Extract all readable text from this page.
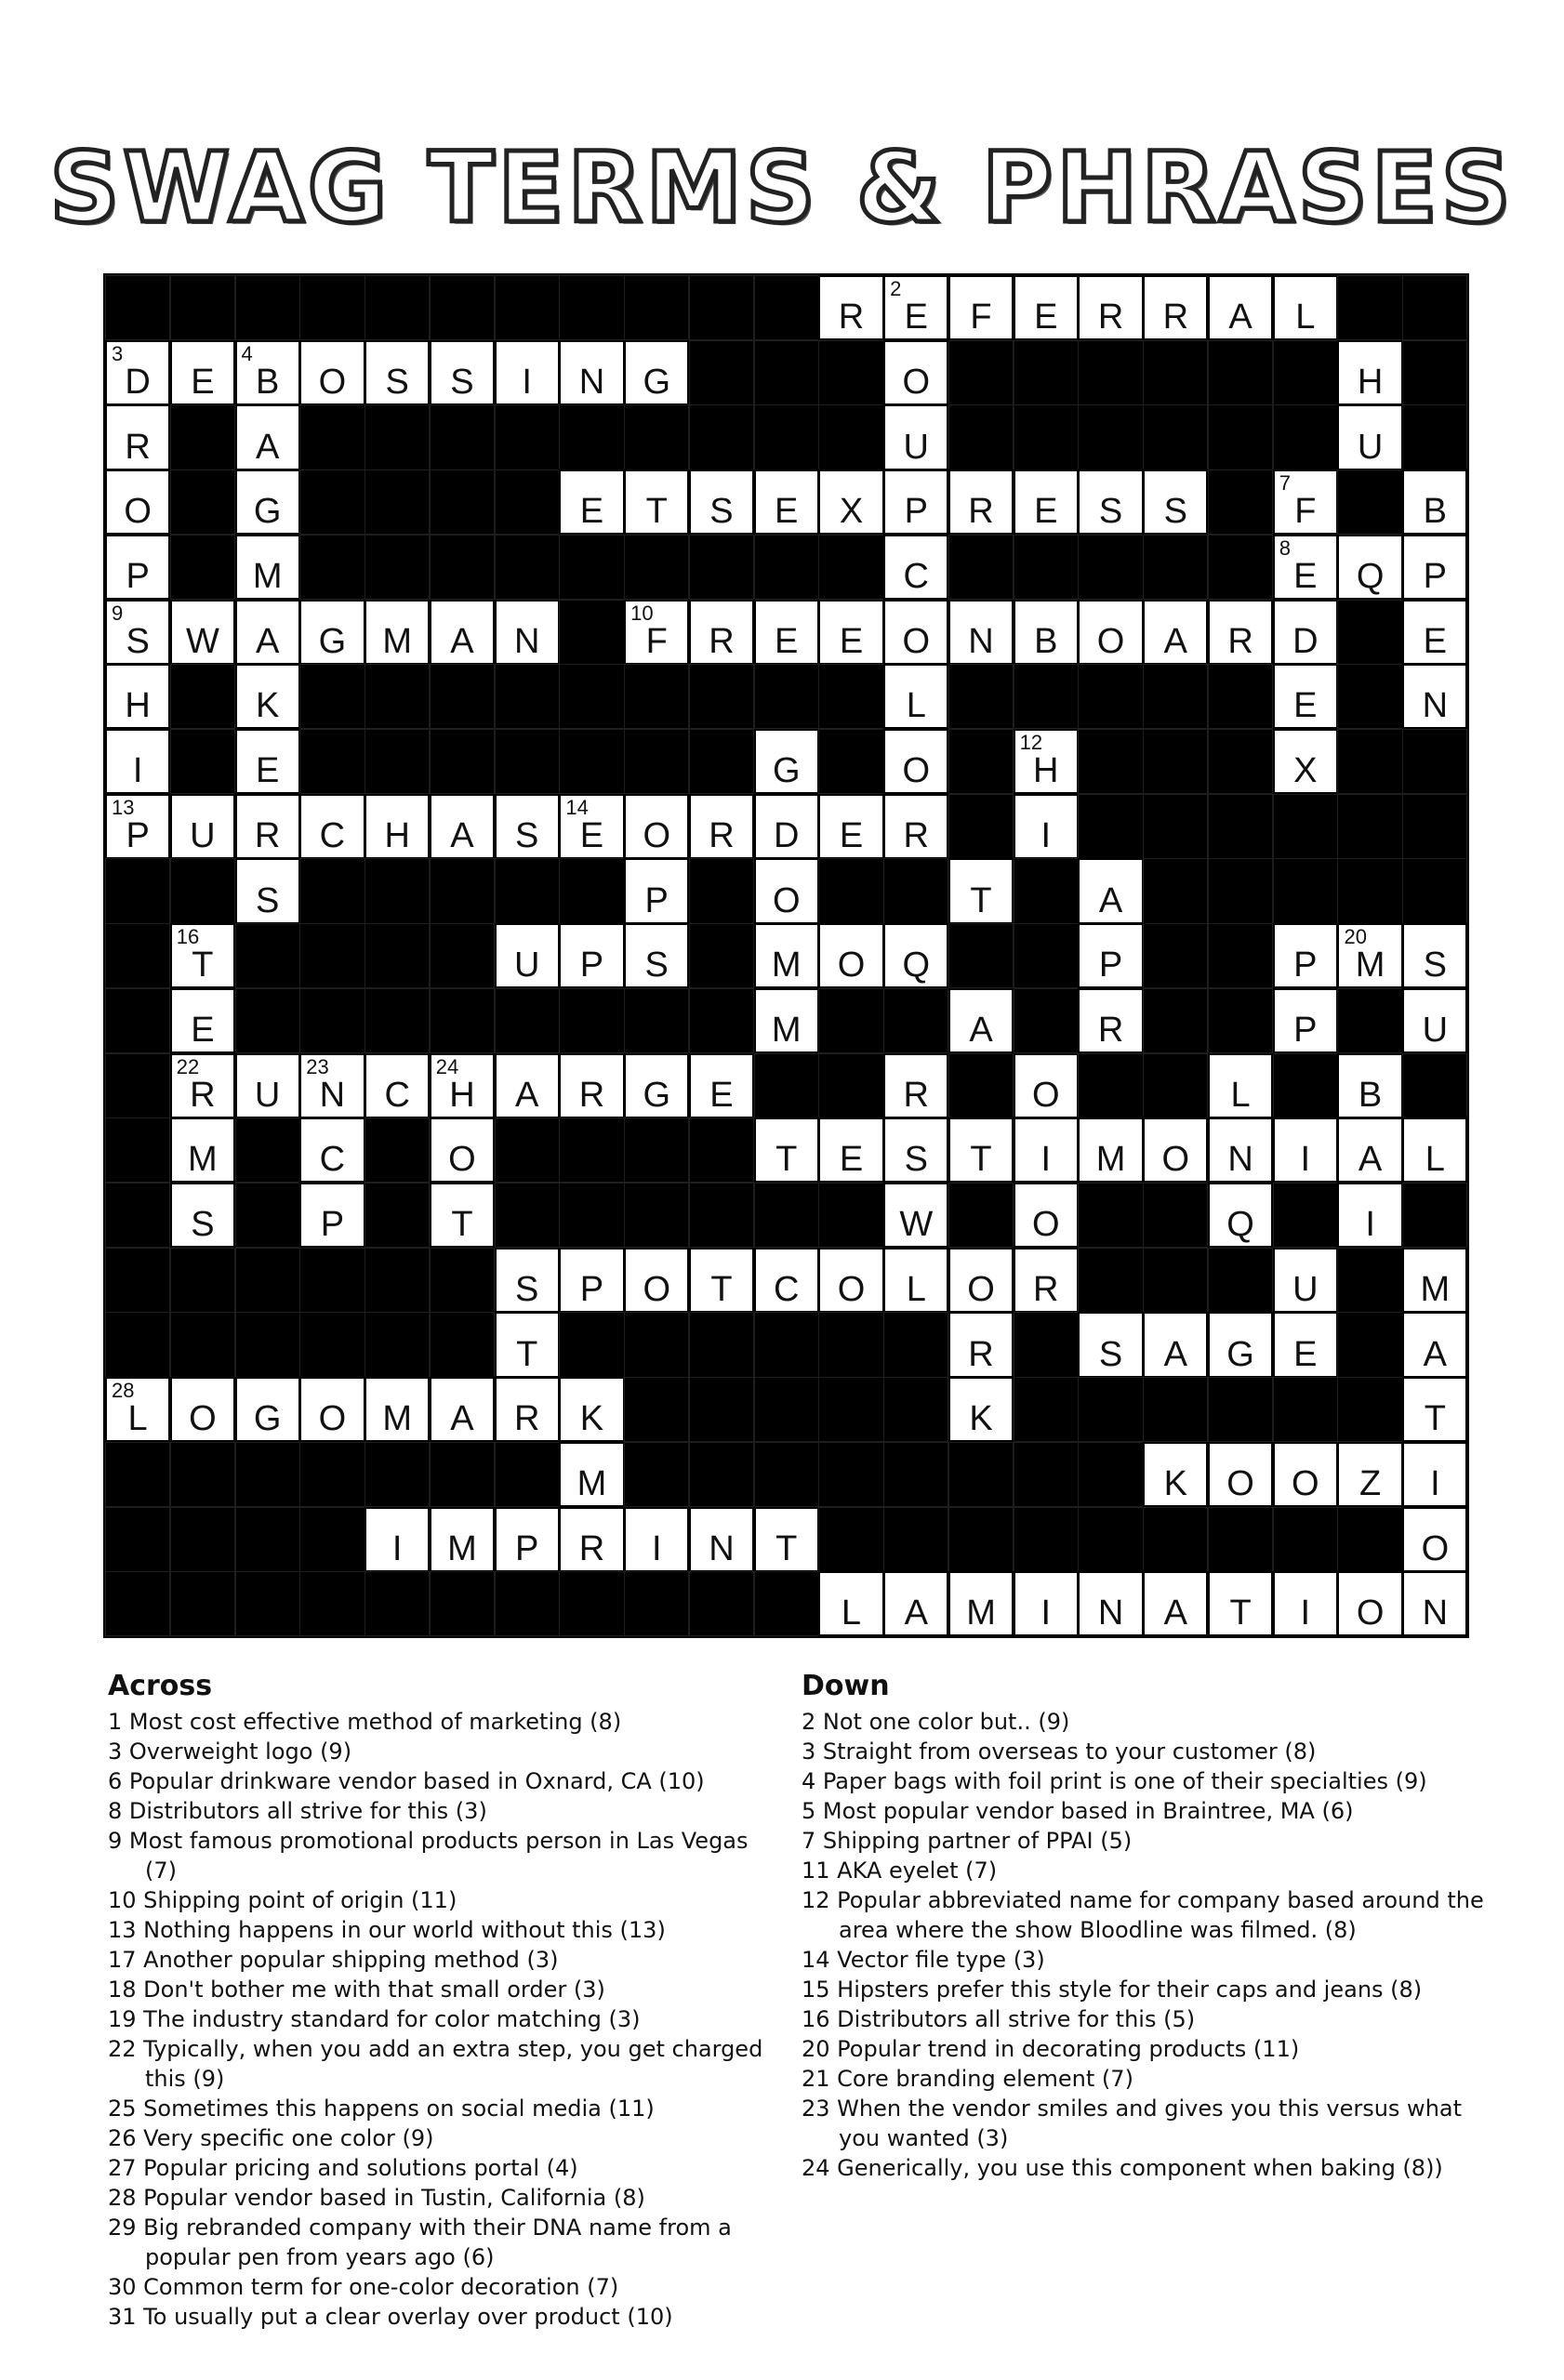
SWAG TERMS & PHRASES
R
2
E	F	E	R	R	A	L
3
D	E
4
B	O	S	S	I	N	G	O	H
R	A	U	U
O	G	E	T	S	E	X	P	R	E	S	S
7
F	B
P	M	C
8
E	Q	P
9
S	W	A	G	M	A	N
10
F	R	E	E	O	N	B	O	A	R	D	E
H	K	L	E	N
I	E	G	O
12
H	X
13
P	U	R	C	H	A	S
14
E	O	R	D	E	R	I
S	P	O	T	A
16
T	U	P	S	M	O	Q	P	P
20
M	S
E	M	A	R	P	U
22
R	U
23
N	C
24
H	A	R	G	E	R	O	L	B
M	C	O	T	E	S	T	I	M	O	N	I	A	L
S	P	T	W	O	Q	I
S	P	O	T	C	O	L	O	R	U	M
T	R	S	A	G	E	A
28
L	O	G	O	M	A	R	K	K	T
M	K	O	O	Z	I
I	M	P	R	I	N	T	O
L	A	M	I	N	A	T	I	O	N
Across
1 Most cost effective method of marketing (8)
3 Overweight logo (9)
6 Popular drinkware vendor based in Oxnard, CA (10)
8 Distributors all strive for this (3)
9 Most famous promotional products person in Las Vegas (7)
10 Shipping point of origin (11)
13 Nothing happens in our world without this (13)
17 Another popular shipping method (3)
18 Don't bother me with that small order (3)
19 The industry standard for color matching (3)
22 Typically, when you add an extra step, you get charged this (9)
25 Sometimes this happens on social media (11)
26 Very specific one color (9)
27 Popular pricing and solutions portal (4)
28 Popular vendor based in Tustin, California (8)
29 Big rebranded company with their DNA name from a popular pen from years ago (6)
30 Common term for one-color decoration (7)
31 To usually put a clear overlay over product (10)
Down
2 Not one color but.. (9)
3 Straight from overseas to your customer (8)
4 Paper bags with foil print is one of their specialties (9)
5 Most popular vendor based in Braintree, MA (6)
7 Shipping partner of PPAI (5)
11 AKA eyelet (7)
12 Popular abbreviated name for company based around the area where the show Bloodline was filmed. (8)
14 Vector file type (3)
15 Hipsters prefer this style for their caps and jeans (8)
16 Distributors all strive for this (5)
20 Popular trend in decorating products (11)
21 Core branding element (7)
23 When the vendor smiles and gives you this versus what you wanted (3)
24 Generically, you use this component when baking (8))
